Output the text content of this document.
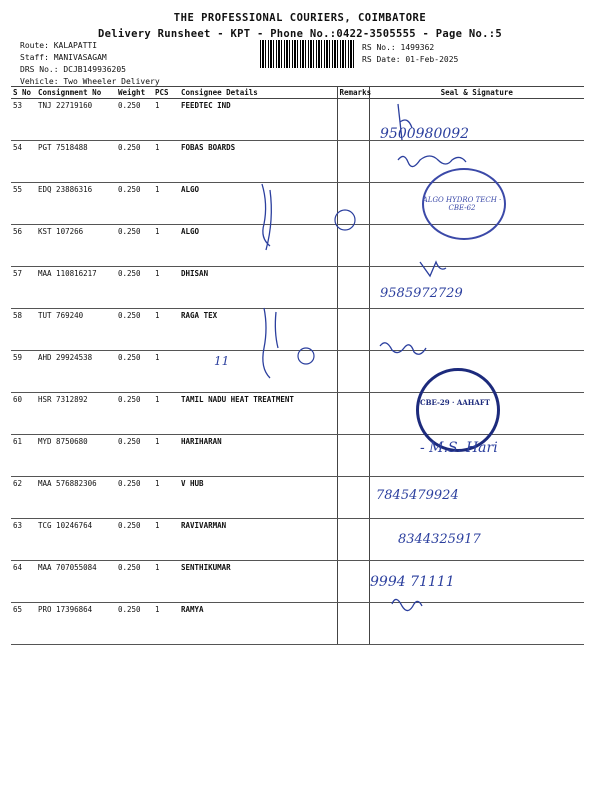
THE PROFESSIONAL COURIERS, COIMBATORE
Delivery Runsheet - KPT - Phone No.:0422-3505555 - Page No.:5
Route: KALAPATTI
Staff: MANIVASAGAM
DRS No.: DCJB149936205
Vehicle: Two Wheeler Delivery
RS No.: 1499362
RS Date: 01-Feb-2025
S No	Consignment No	Weight	PCS	Consignee Details	Remarks	Seal & Signature
53	TNJ 22719160	0.250	1	FEEDTEC IND		
54	PGT 7518488	0.250	1	FOBAS BOARDS		
55	EDQ 23886316	0.250	1	ALGO		
56	KST 107266	0.250	1	ALGO		
57	MAA 110816217	0.250	1	DHISAN		
58	TUT 769240	0.250	1	RAGA TEX		
59	AHD 29924538	0.250	1			
60	HSR 7312892	0.250	1	TAMIL NADU HEAT TREATMENT		
61	MYD 8750680	0.250	1	HARIHARAN		
62	MAA 576882306	0.250	1	V HUB		
63	TCG 10246764	0.250	1	RAVIVARMAN		
64	MAA 707055084	0.250	1	SENTHIKUMAR		
65	PRO 17396864	0.250	1	RAMYA		
ALGO HYDRO TECH · CBE-62
CBE-29 · AAHAFT
9500980092
9585972729
11
- M.S. Hari
7845479924
8344325917
9994 71111
